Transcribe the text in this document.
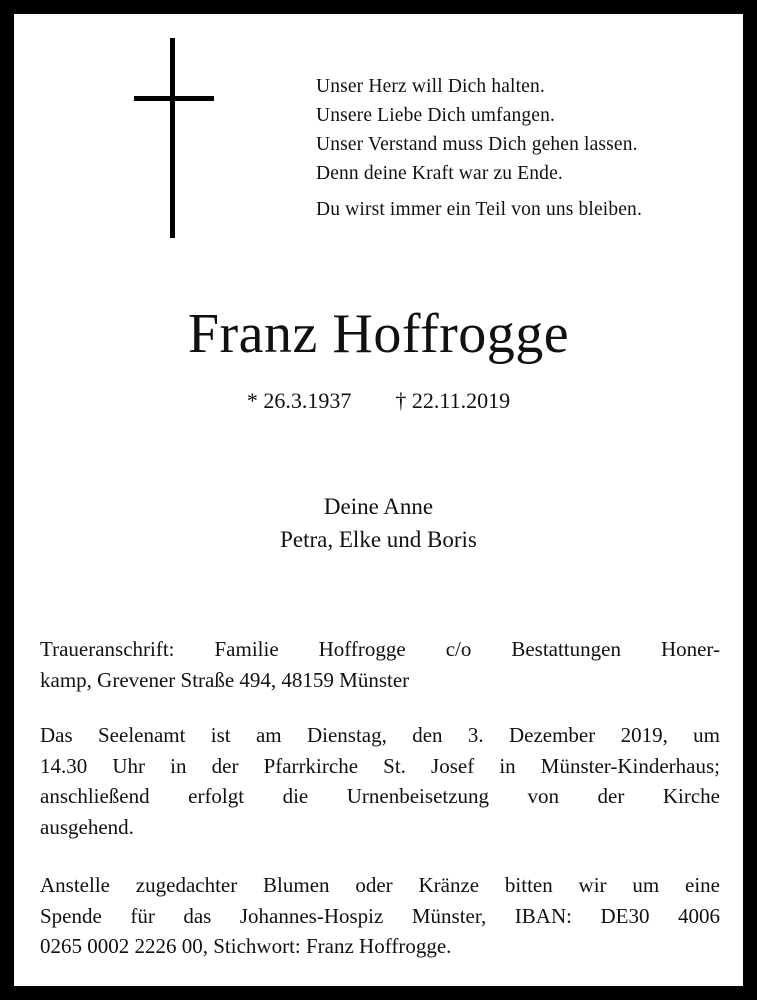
Unser Herz will Dich halten.
Unsere Liebe Dich umfangen.
Unser Verstand muss Dich gehen lassen.
Denn deine Kraft war zu Ende.
Du wirst immer ein Teil von uns bleiben.
Franz Hoffrogge
* 26.3.1937 † 22.11.2019
Deine Anne
Petra, Elke und Boris
Traueranschrift: Familie Hoffrogge c/o Bestattungen Honer-
kamp, Grevener Straße 494, 48159 Münster
Das Seelenamt ist am Dienstag, den 3. Dezember 2019, um
14.30 Uhr in der Pfarrkirche St. Josef in Münster-Kinderhaus;
anschließend erfolgt die Urnenbeisetzung von der Kirche
ausgehend.
Anstelle zugedachter Blumen oder Kränze bitten wir um eine
Spende für das Johannes-Hospiz Münster, IBAN: DE30 4006
0265 0002 2226 00, Stichwort: Franz Hoffrogge.
